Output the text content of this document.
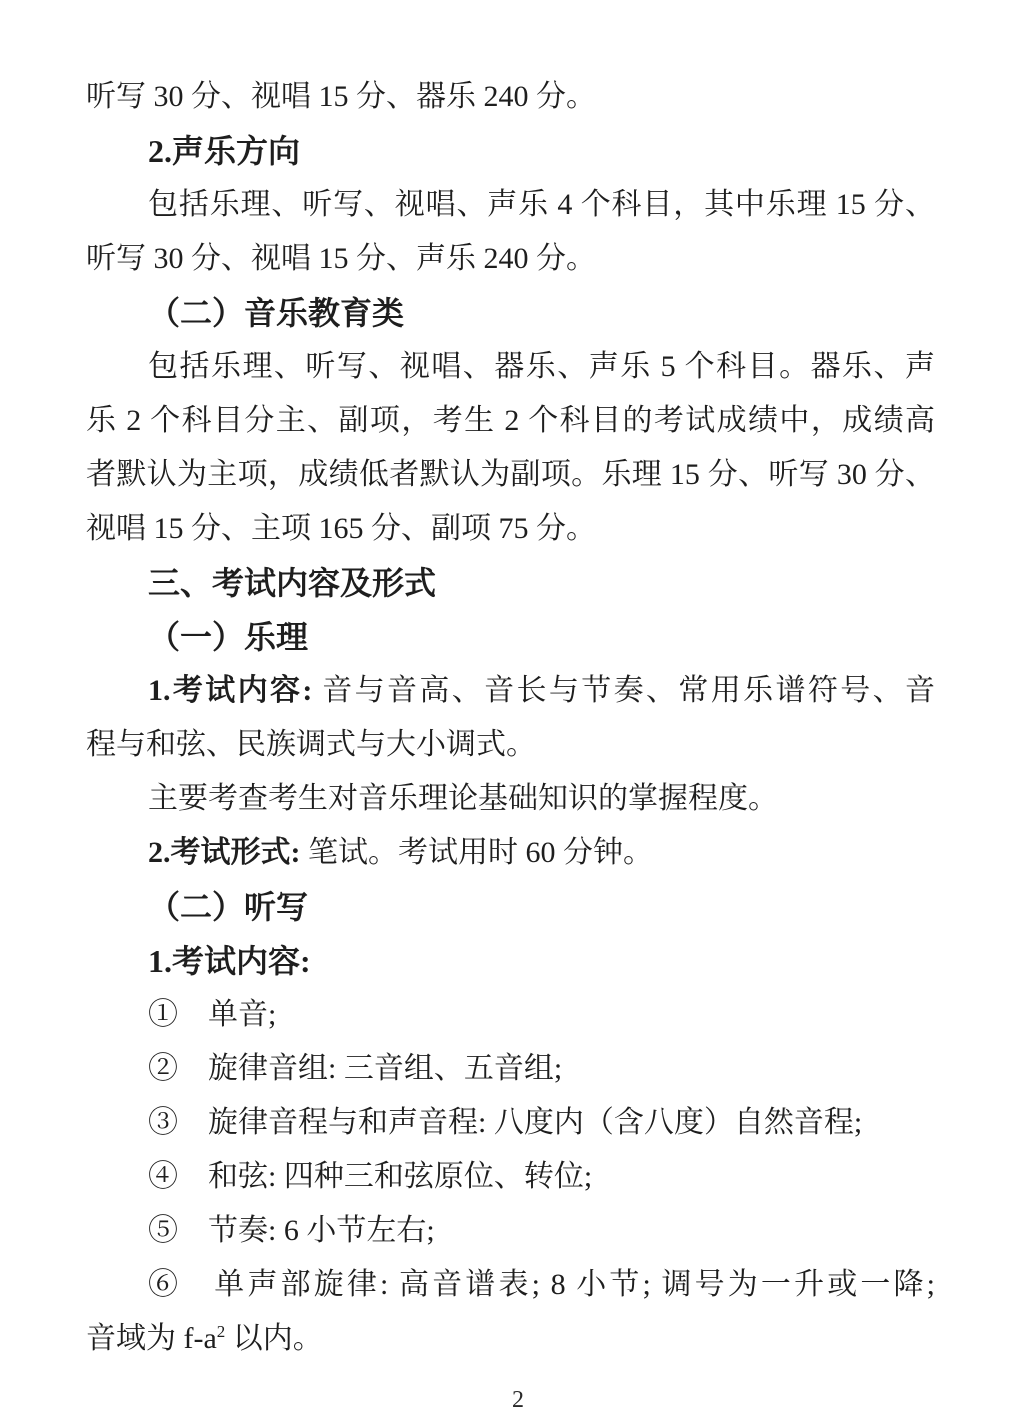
听写 30 分、视唱 15 分、器乐 240 分。

2.声乐方向

包括乐理、听写、视唱、声乐 4 个科目，其中乐理 15 分、

听写 30 分、视唱 15 分、声乐 240 分。

（二）音乐教育类

包括乐理、听写、视唱、器乐、声乐 5 个科目。器乐、声

乐 2 个科目分主、副项，考生 2 个科目的考试成绩中，成绩高

者默认为主项，成绩低者默认为副项。乐理 15 分、听写 30 分、

视唱 15 分、主项 165 分、副项 75 分。

三、考试内容及形式

（一）乐理

1.考试内容: 音与音高、音长与节奏、常用乐谱符号、音

程与和弦、民族调式与大小调式。

主要考查考生对音乐理论基础知识的掌握程度。

2.考试形式: 笔试。考试用时 60 分钟。

（二）听写

1.考试内容:

①　单音;

②　旋律音组: 三音组、五音组;

③　旋律音程与和声音程: 八度内（含八度）自然音程;

④　和弦: 四种三和弦原位、转位;

⑤　节奏: 6 小节左右;

⑥　单声部旋律: 高音谱表; 8 小节; 调号为一升或一降;

音域为 $f-a^2$ 以内。

2
